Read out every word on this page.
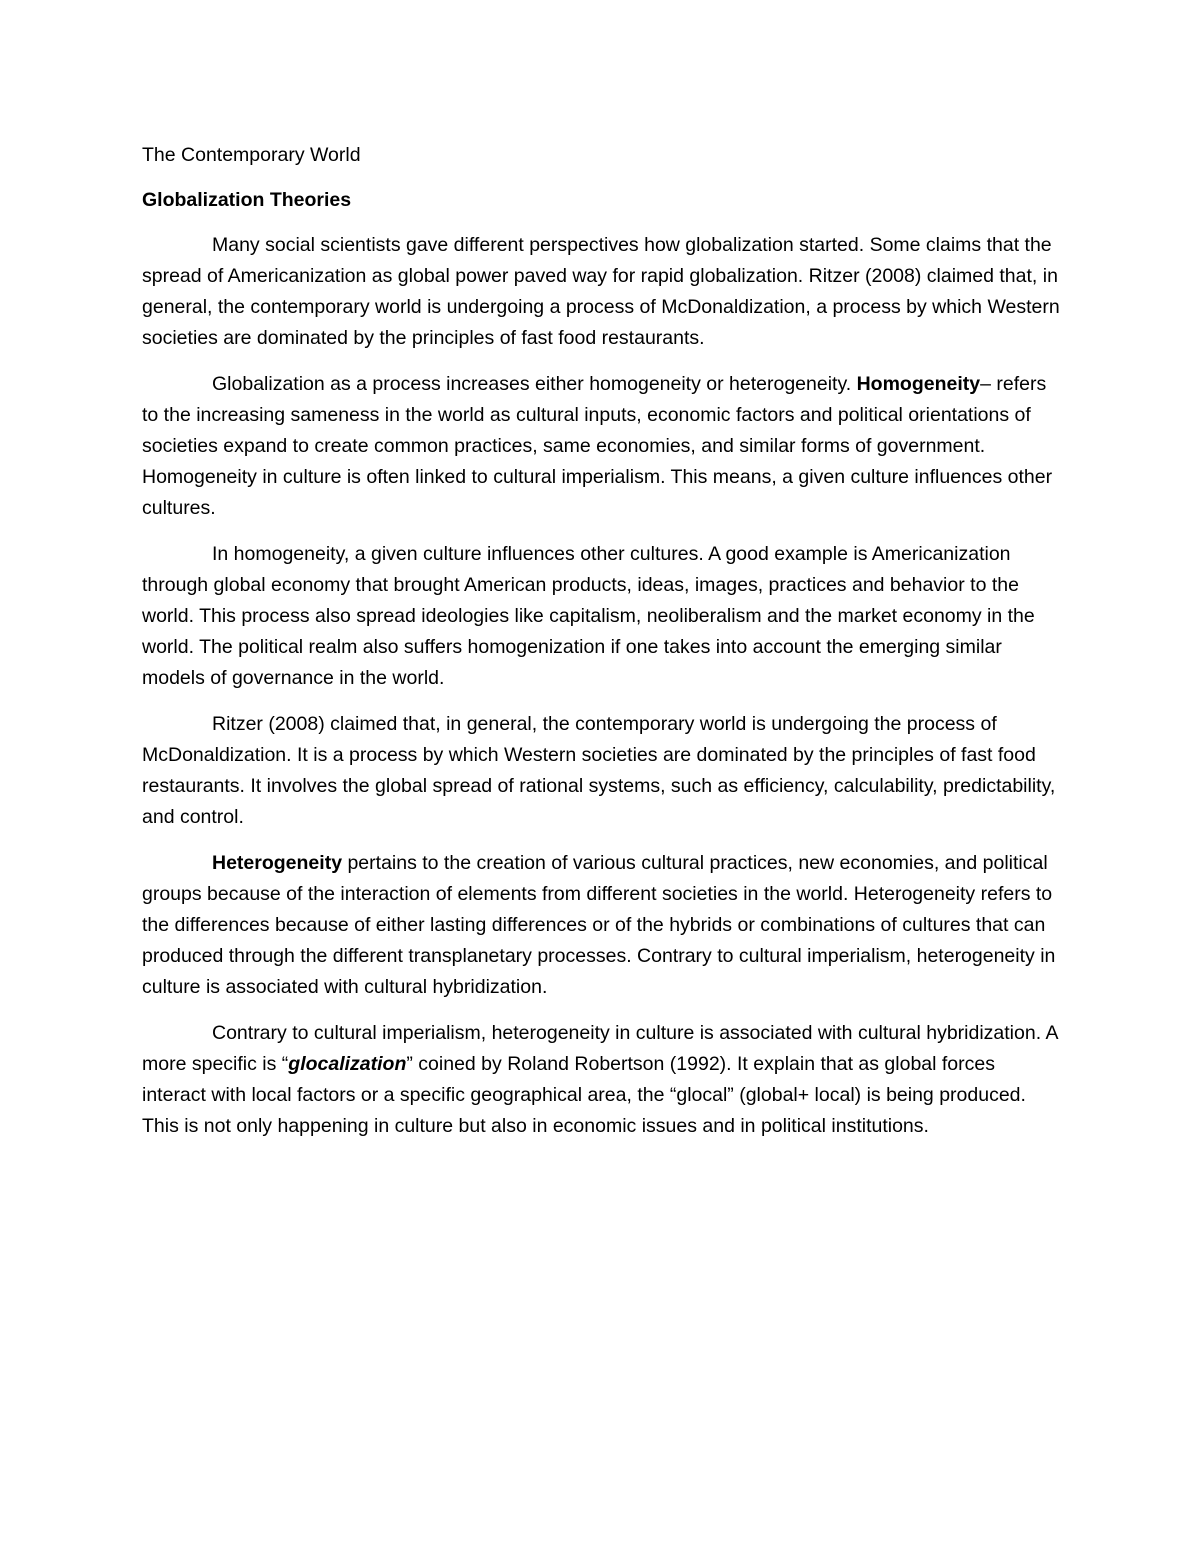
The Contemporary World

Globalization Theories

Many social scientists gave different perspectives how globalization started. Some claims that the spread of Americanization as global power paved way for rapid globalization. Ritzer (2008) claimed that, in general, the contemporary world is undergoing a process of McDonaldization, a process by which Western societies are dominated by the principles of fast food restaurants.

Globalization as a process increases either homogeneity or heterogeneity. Homogeneity– refers to the increasing sameness in the world as cultural inputs, economic factors and political orientations of societies expand to create common practices, same economies, and similar forms of government. Homogeneity in culture is often linked to cultural imperialism. This means, a given culture influences other cultures.

In homogeneity, a given culture influences other cultures. A good example is Americanization through global economy that brought American products, ideas, images, practices and behavior to the world. This process also spread ideologies like capitalism, neoliberalism and the market economy in the world. The political realm also suffers homogenization if one takes into account the emerging similar models of governance in the world.

Ritzer (2008) claimed that, in general, the contemporary world is undergoing the process of McDonaldization. It is a process by which Western societies are dominated by the principles of fast food restaurants. It involves the global spread of rational systems, such as efficiency, calculability, predictability, and control.

Heterogeneity pertains to the creation of various cultural practices, new economies, and political groups because of the interaction of elements from different societies in the world. Heterogeneity refers to the differences because of either lasting differences or of the hybrids or combinations of cultures that can produced through the different transplanetary processes. Contrary to cultural imperialism, heterogeneity in culture is associated with cultural hybridization.

Contrary to cultural imperialism, heterogeneity in culture is associated with cultural hybridization. A more specific is “glocalization” coined by Roland Robertson (1992). It explain that as global forces interact with local factors or a specific geographical area, the “glocal” (global+ local) is being produced. This is not only happening in culture but also in economic issues and in political institutions.
